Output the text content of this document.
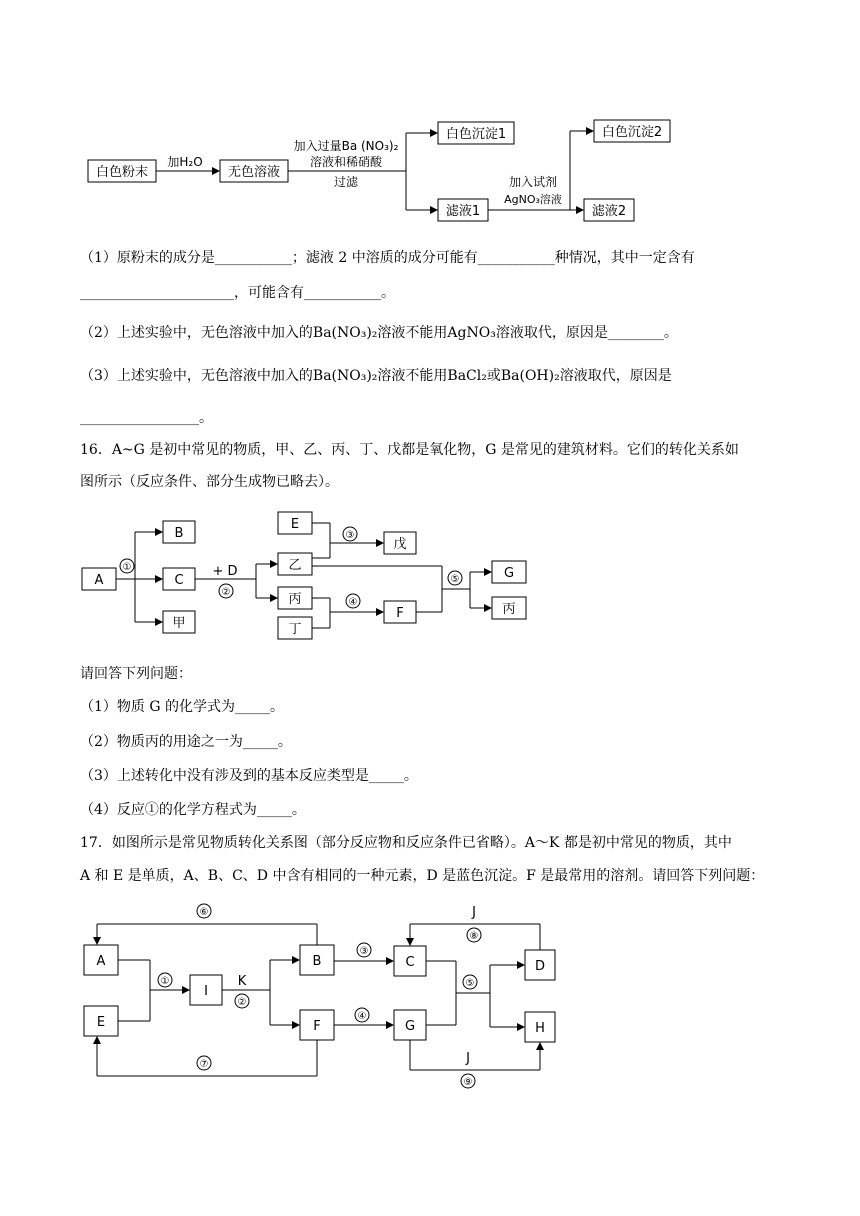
白色粉末	无色溶液
白色沉淀1
滤液1
白色沉淀2
滤液2
加H₂O
加入过量Ba (NO₃)₂
溶液和稀硝酸
过滤	加入试剂
AgNO₃溶液
（1）原粉末的成分是___________；滤液 2 中溶质的成分可能有___________种情况，其中一定含有
______________________，可能含有___________。
（2）上述实验中，无色溶液中加入的Ba(NO₃)₂溶液不能用AgNO₃溶液取代，原因是________。
（3）上述实验中，无色溶液中加入的Ba(NO₃)₂溶液不能用BaCl₂或Ba(OH)₂溶液取代，原因是
_________________。
16．A~G 是初中常见的物质，甲、乙、丙、丁、戊都是氧化物，G 是常见的建筑材料。它们的转化关系如
图所示（反应条件、部分生成物已略去）。
A
①
B
C
甲
+ D
②
E
乙
丙
丁
③
戊
④
F
⑤	G
丙
请回答下列问题：
（1）物质 G 的化学式为_____。
（2）物质丙的用途之一为_____。
（3）上述转化中没有涉及到的基本反应类型是_____。
（4）反应①的化学方程式为_____。
17．如图所示是常见物质转化关系图（部分反应物和反应条件已省略）。A～K 都是初中常见的物质，其中
A 和 E 是单质，A、B、C、D 中含有相同的一种元素，D 是蓝色沉淀。F 是最常用的溶剂。请回答下列问题：
A
E
I
B
F
C
G
D
H
⑥
①	K
②
⑦
③
④
J
⑧
⑤
J
⑨
